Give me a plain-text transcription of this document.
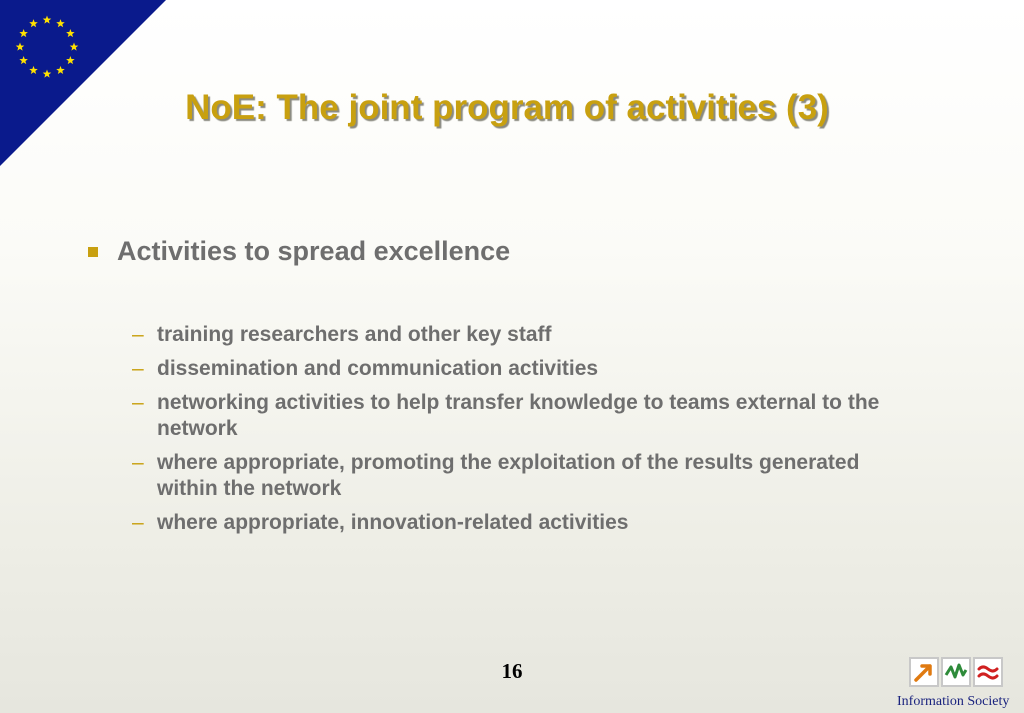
NoE: The joint program of activities (3)
Activities to spread excellence
– training researchers and other key staff
– dissemination and communication activities
– networking activities to help transfer knowledge to teams external to the network
– where appropriate, promoting the exploitation of the results generated within the network
– where appropriate, innovation-related activities
16
Information Society
